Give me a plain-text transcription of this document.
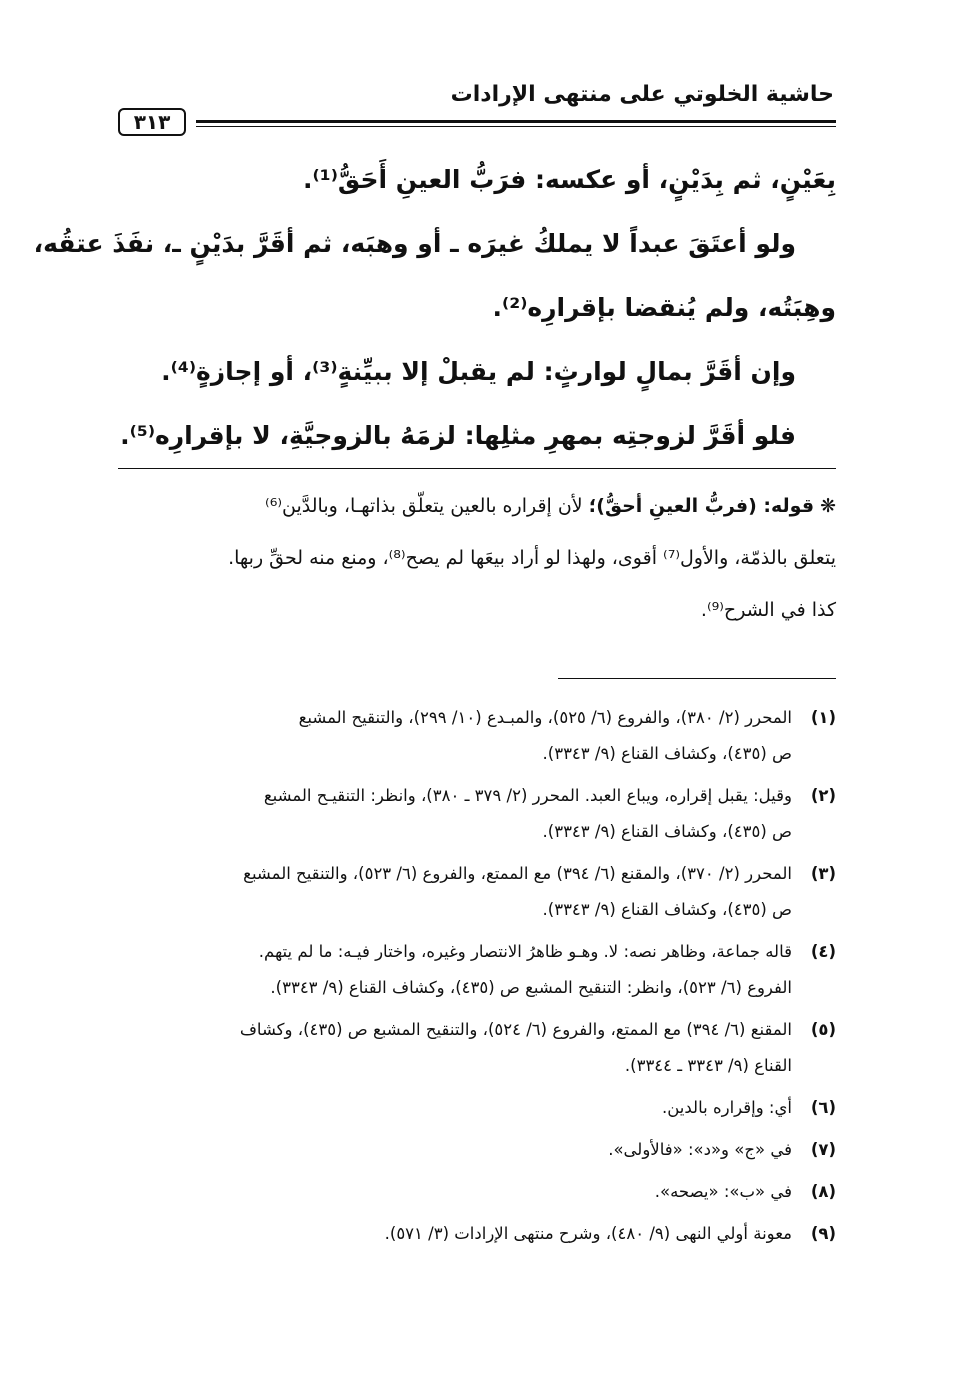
حاشية الخلوتي على منتهى الإرادات
٣١٣
بِعَيْنٍ، ثم بِدَيْنٍ، أو عكسه: فرَبُّ العينِ أَحَقُّ⁽¹⁾.
ولو أعتَقَ عبداً لا يملكُ غيرَه ـ أو وهبَه، ثم أقَرَّ بدَيْنٍ ـ، نفَذَ عتقُه،
وهِبَتُه، ولم يُنقضا بإقرارِه⁽²⁾.
وإن أقَرَّ بمالٍ لوارثٍ: لم يقبلْ إلا ببيِّنةٍ⁽³⁾، أو إجازةٍ⁽⁴⁾.
فلو أقَرَّ لزوجتِه بمهرِ مثلِها: لزمَهُ بالزوجيَّةِ، لا بإقرارِه⁽⁵⁾.
❋ قوله: (فربُّ العينِ أحقُّ)؛ لأن إقراره بالعين يتعلّق بذاتهـا، وبالدَّين⁽⁶⁾
يتعلق بالذمّة، والأول⁽⁷⁾ أقوى، ولهذا لو أراد بيعَها لم يصح⁽⁸⁾، ومنع منه لحقِّ ربها.
كذا في الشرح⁽⁹⁾.
(١)
المحرر (٢/ ٣٨٠)، والفروع (٦/ ٥٢٥)، والمبـدع (١٠/ ٢٩٩)، والتنقيح المشبع
ص (٤٣٥)، وكشاف القناع (٩/ ٣٣٤٣).
(٢)
وقيل: يقبل إقراره، ويباع العبد. المحرر (٢/ ٣٧٩ ـ ٣٨٠)، وانظر: التنقيـح المشبع
ص (٤٣٥)، وكشاف القناع (٩/ ٣٣٤٣).
(٣)
المحرر (٢/ ٣٧٠)، والمقنع (٦/ ٣٩٤) مع الممتع، والفروع (٦/ ٥٢٣)، والتنقيح المشبع
ص (٤٣٥)، وكشاف القناع (٩/ ٣٣٤٣).
(٤)
قاله جماعة، وظاهر نصه: لا. وهـو ظاهرُ الانتصار وغيره، واختار فيـه: ما لم يتهم.
الفروع (٦/ ٥٢٣)، وانظر: التنقيح المشبع ص (٤٣٥)، وكشاف القناع (٩/ ٣٣٤٣).
(٥)
المقنع (٦/ ٣٩٤) مع الممتع، والفروع (٦/ ٥٢٤)، والتنقيح المشبع ص (٤٣٥)، وكشاف
القناع (٩/ ٣٣٤٣ ـ ٣٣٤٤).
(٦)
أي: وإقراره بالدين.
(٧)
في «ج» و«د»: «فالأولى».
(٨)
في «ب»: «يصحه».
(٩)
معونة أولي النهى (٩/ ٤٨٠)، وشرح منتهى الإرادات (٣/ ٥٧١).
